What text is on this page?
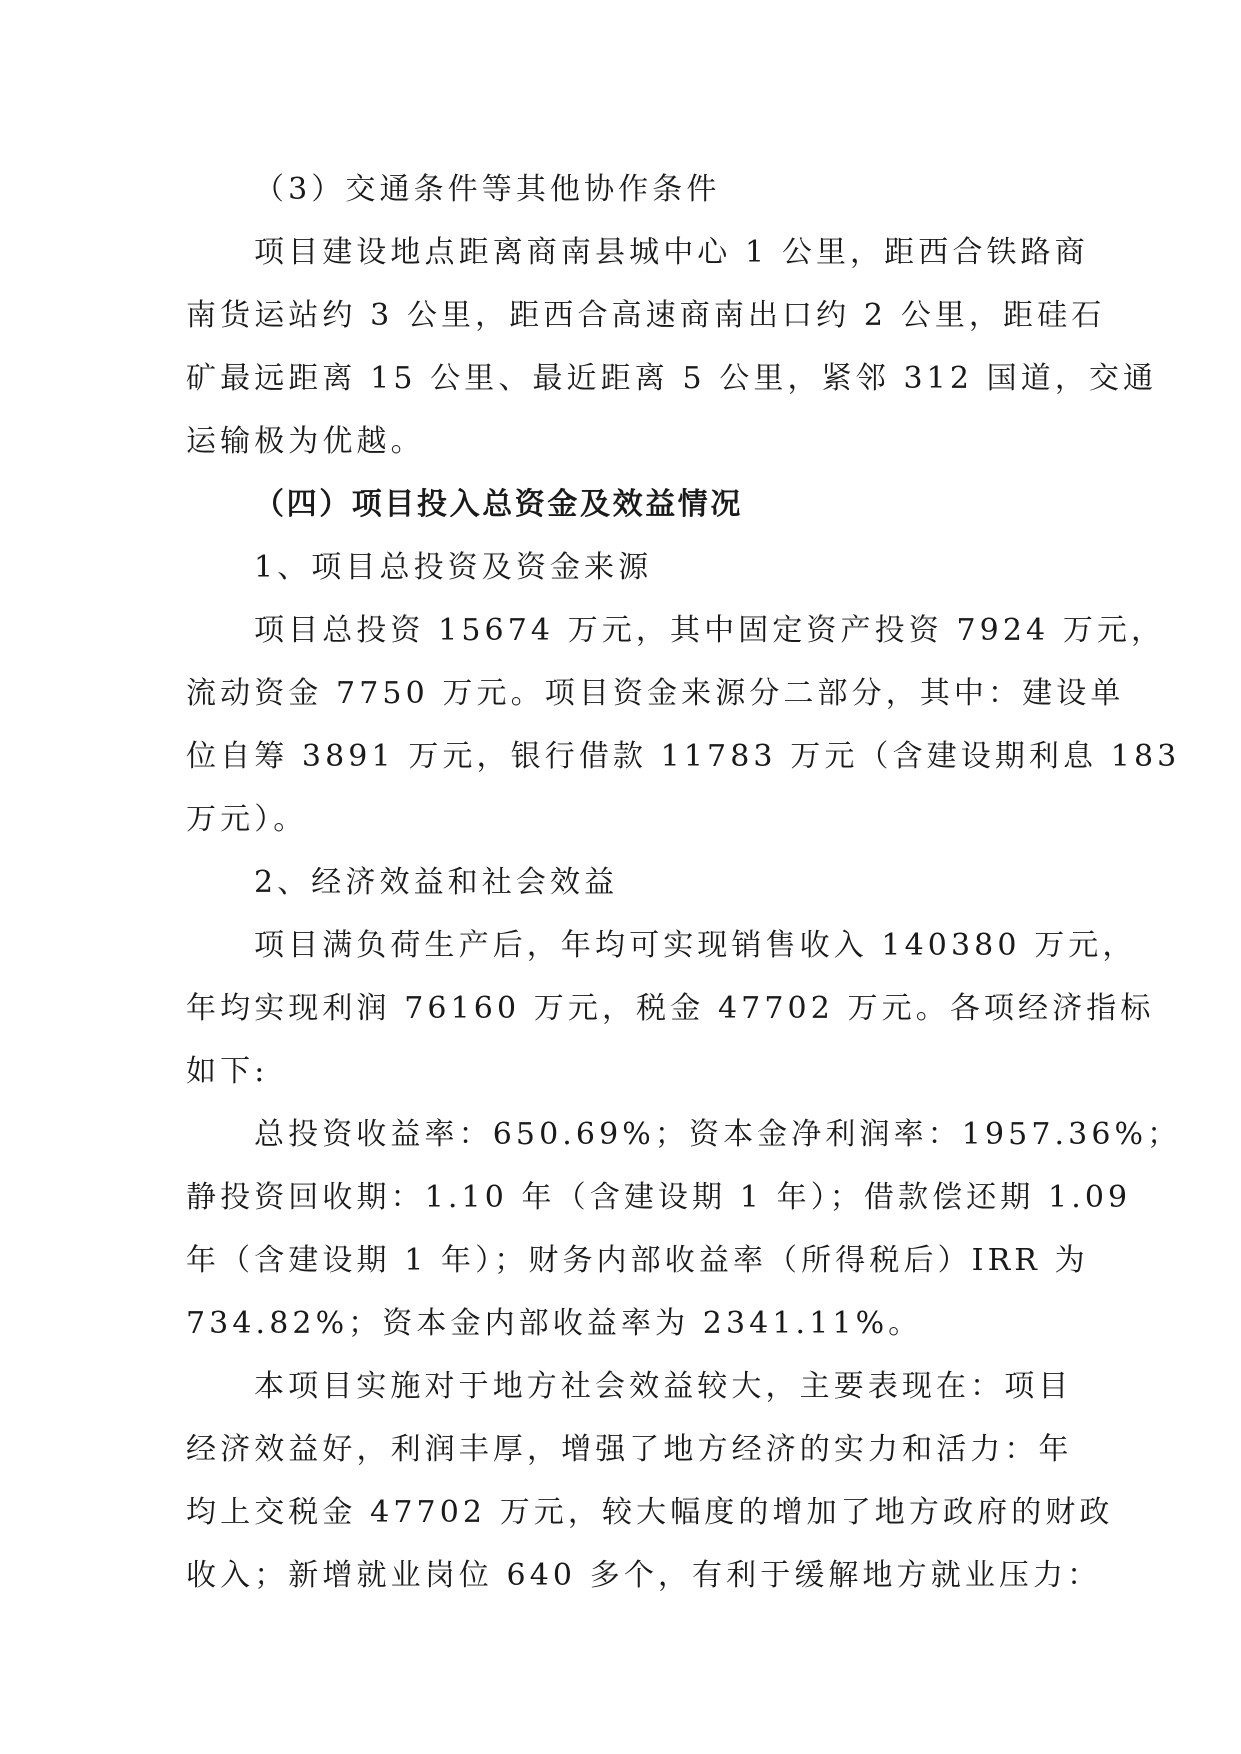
（3）交通条件等其他协作条件
项目建设地点距离商南县城中心 1 公里，距西合铁路商
南货运站约 3 公里，距西合高速商南出口约 2 公里，距硅石
矿最远距离 15 公里、最近距离 5 公里，紧邻 312 国道，交通
运输极为优越。
（四）项目投入总资金及效益情况
1、项目总投资及资金来源
项目总投资 15674 万元，其中固定资产投资 7924 万元，
流动资金 7750 万元。项目资金来源分二部分，其中：建设单
位自筹 3891 万元，银行借款 11783 万元（含建设期利息 183
万元）。
2、经济效益和社会效益
项目满负荷生产后，年均可实现销售收入 140380 万元，
年均实现利润 76160 万元，税金 47702 万元。各项经济指标
如下:
总投资收益率：650.69%；资本金净利润率：1957.36%；
静投资回收期：1.10 年（含建设期 1 年）；借款偿还期 1.09
年（含建设期 1 年）；财务内部收益率（所得税后）IRR 为
734.82%；资本金内部收益率为 2341.11%。
本项目实施对于地方社会效益较大，主要表现在：项目
经济效益好，利润丰厚，增强了地方经济的实力和活力：年
均上交税金 47702 万元，较大幅度的增加了地方政府的财政
收入；新增就业岗位 640 多个，有利于缓解地方就业压力：
